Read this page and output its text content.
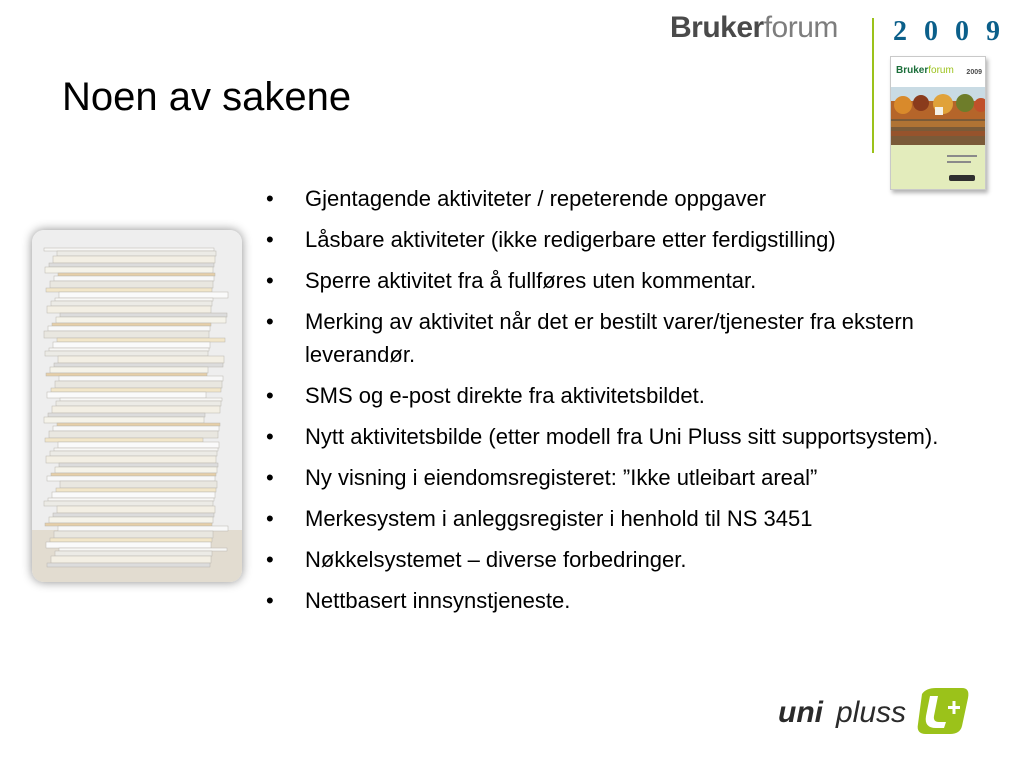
Brukerforum 2 0 0 9
Brukerforum 2009
Noen av sakene
• Gjentagende aktiviteter / repeterende oppgaver
• Låsbare aktiviteter (ikke redigerbare etter ferdigstilling)
• Sperre aktivitet fra å fullføres uten kommentar.
• Merking av aktivitet når det er bestilt varer/tjenester fra ekstern leverandør.
• SMS og e-post direkte fra aktivitetsbildet.
• Nytt aktivitetsbilde (etter modell fra Uni Pluss sitt supportsystem).
• Ny visning i eiendomsregisteret: ”Ikke utleibart areal”
• Merkesystem i anleggsregister i henhold til NS 3451
• Nøkkelsystemet – diverse forbedringer.
• Nettbasert innsynstjeneste.
uni pluss
